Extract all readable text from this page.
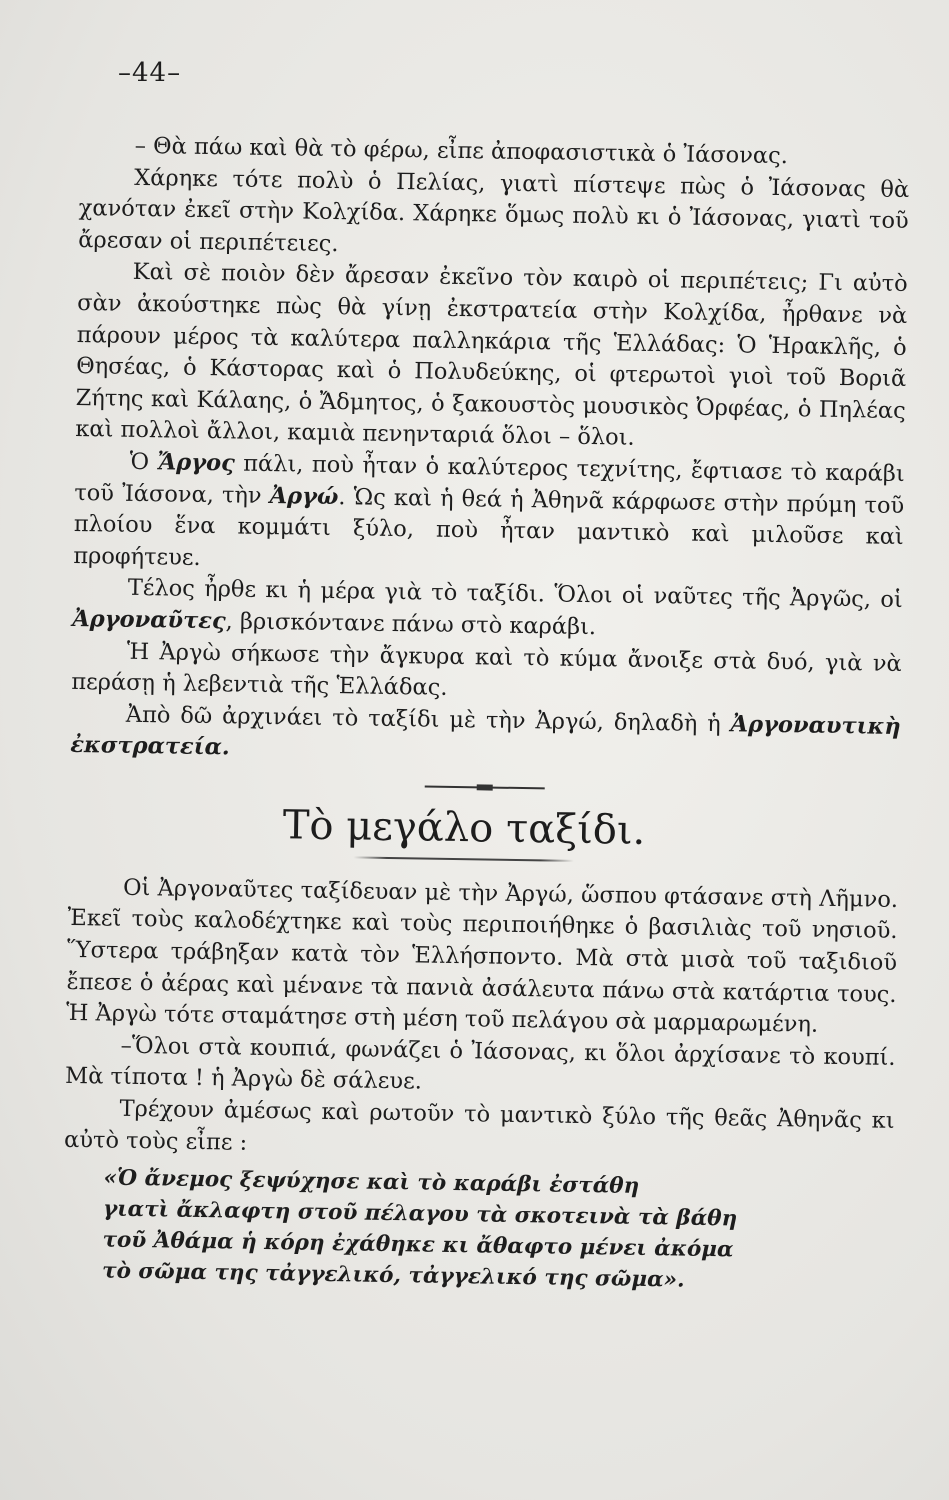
–44–

– Θὰ πάω καὶ θὰ τὸ φέρω, εἶπε ἀποφασιστικὰ ὁ Ἰάσονας.

Χάρηκε τότε πολὺ ὁ Πελίας, γιατὶ πίστεψε πὼς ὁ Ἰάσονας θὰ χανόταν ἐκεῖ στὴν Κολχίδα. Χάρηκε ὅμως πολὺ κι ὁ Ἰάσονας, γιατὶ τοῦ ἄρεσαν οἱ περιπέτειες.

Καὶ σὲ ποιὸν δὲν ἄρεσαν ἐκεῖνο τὸν καιρὸ οἱ περιπέτεις; Γι αὐτὸ σὰν ἀκούστηκε πὼς θὰ γίνῃ ἐκστρατεία στὴν Κολχίδα, ἦρθανε νὰ πάρουν μέρος τὰ καλύτερα παλληκάρια τῆς Ἑλλάδας: Ὁ Ἡρακλῆς, ὁ Θησέας, ὁ Κάστορας καὶ ὁ Πολυδεύκης, οἱ φτερωτοὶ γιοὶ τοῦ Βοριᾶ Ζήτης καὶ Κάλαης, ὁ Ἄδμητος, ὁ ξακουστὸς μουσικὸς Ὀρφέας, ὁ Πηλέας καὶ πολλοὶ ἄλλοι, καμιὰ πενηνταριά ὅλοι – ὅλοι.

Ὁ Ἄργος πάλι, ποὺ ἦταν ὁ καλύτερος τεχνίτης, ἔφτιασε τὸ καράβι τοῦ Ἰάσονα, τὴν Ἀργώ. Ὡς καὶ ἡ θεά ἡ Ἀθηνᾶ κάρφωσε στὴν πρύμη τοῦ πλοίου ἕνα κομμάτι ξύλο, ποὺ ἦταν μαντικὸ καὶ μιλοῦσε καὶ προφήτευε.

Τέλος ἦρθε κι ἡ μέρα γιὰ τὸ ταξίδι. Ὅλοι οἱ ναῦτες τῆς Ἀργῶς, οἱ Ἀργοναῦτες, βρισκόντανε πάνω στὸ καράβι.

Ἡ Ἀργὼ σήκωσε τὴν ἄγκυρα καὶ τὸ κύμα ἄνοιξε στὰ δυό, γιὰ νὰ περάσῃ ἡ λεβεντιὰ τῆς Ἑλλάδας.

Ἀπὸ δῶ ἀρχινάει τὸ ταξίδι μὲ τὴν Ἀργώ, δηλαδὴ ἡ Ἀργοναυτικὴ ἐκστρατεία.

Τὸ μεγάλο ταξίδι.

Οἱ Ἀργοναῦτες ταξίδευαν μὲ τὴν Ἀργώ, ὥσπου φτάσανε στὴ Λῆμνο. Ἐκεῖ τοὺς καλοδέχτηκε καὶ τοὺς περιποιήθηκε ὁ βασιλιὰς τοῦ νησιοῦ. Ὕστερα τράβηξαν κατὰ τὸν Ἑλλήσποντο. Μὰ στὰ μισὰ τοῦ ταξιδιοῦ ἔπεσε ὁ ἀέρας καὶ μένανε τὰ πανιὰ ἀσάλευτα πάνω στὰ κατάρτια τους. Ἡ Ἀργὼ τότε σταμάτησε στὴ μέση τοῦ πελάγου σὰ μαρμαρωμένη.

–Ὅλοι στὰ κουπιά, φωνάζει ὁ Ἰάσονας, κι ὅλοι ἀρχίσανε τὸ κουπί. Μὰ τίποτα ! ἡ Ἀργὼ δὲ σάλευε.

Τρέχουν ἀμέσως καὶ ρωτοῦν τὸ μαντικὸ ξύλο τῆς θεᾶς Ἀθηνᾶς κι αὐτὸ τοὺς εἶπε :

«Ὁ ἄνεμος ξεψύχησε καὶ τὸ καράβι ἐστάθη
γιατὶ ἄκλαφτη στοῦ πέλαγου τὰ σκοτεινὰ τὰ βάθη
τοῦ Ἀθάμα ἡ κόρη ἐχάθηκε κι ἄθαφτο μένει ἀκόμα
τὸ σῶμα της τἀγγελικό, τἀγγελικό της σῶμα».
